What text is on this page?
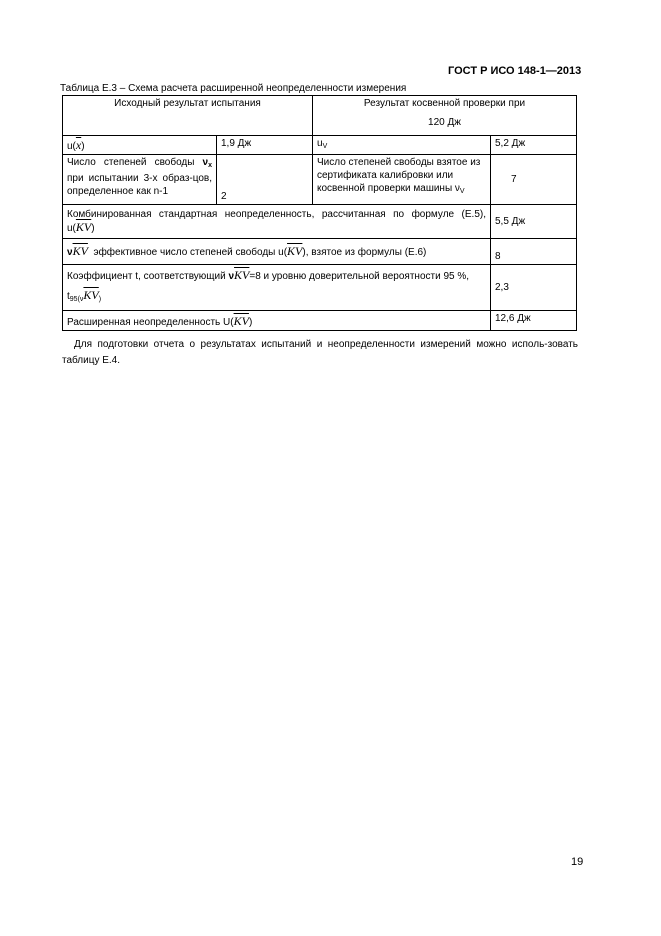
ГОСТ Р ИСО 148-1—2013
Таблица Е.3 – Схема расчета расширенной неопределенности измерения
Исходный результат испытания		Результат косвенной проверки при
120 Дж	

$u(\overline{x})$	1,9 Дж	$u_V$	5,2 Дж
Число степеней свободы $\nu_x$ при испытании 3-х образ-цов, определенное как n-1	2	Число степеней свободы взятое из сертификата калибровки или косвенной проверки машины $\nu_V$	7
Комбинированная стандартная неопределенность, рассчитанная по формуле (Е.5), $u(\overline{KV})$			5,5 Дж
$\nu\overline{KV}$ эффективное число степеней свободы $u(\overline{KV})$, взятое из формулы (Е.6)			8
Коэффициент t, соответствующий $\nu\overline{KV}=8$ и уровню доверительной вероятности 95 %, $t_{95(\nu}\overline{KV}_)$			2,3
Расширенная неопределенность $U(\overline{KV})$			12,6 Дж
Для подготовки отчета о результатах испытаний и неопределенности измерений можно исполь-зовать таблицу Е.4.
19
